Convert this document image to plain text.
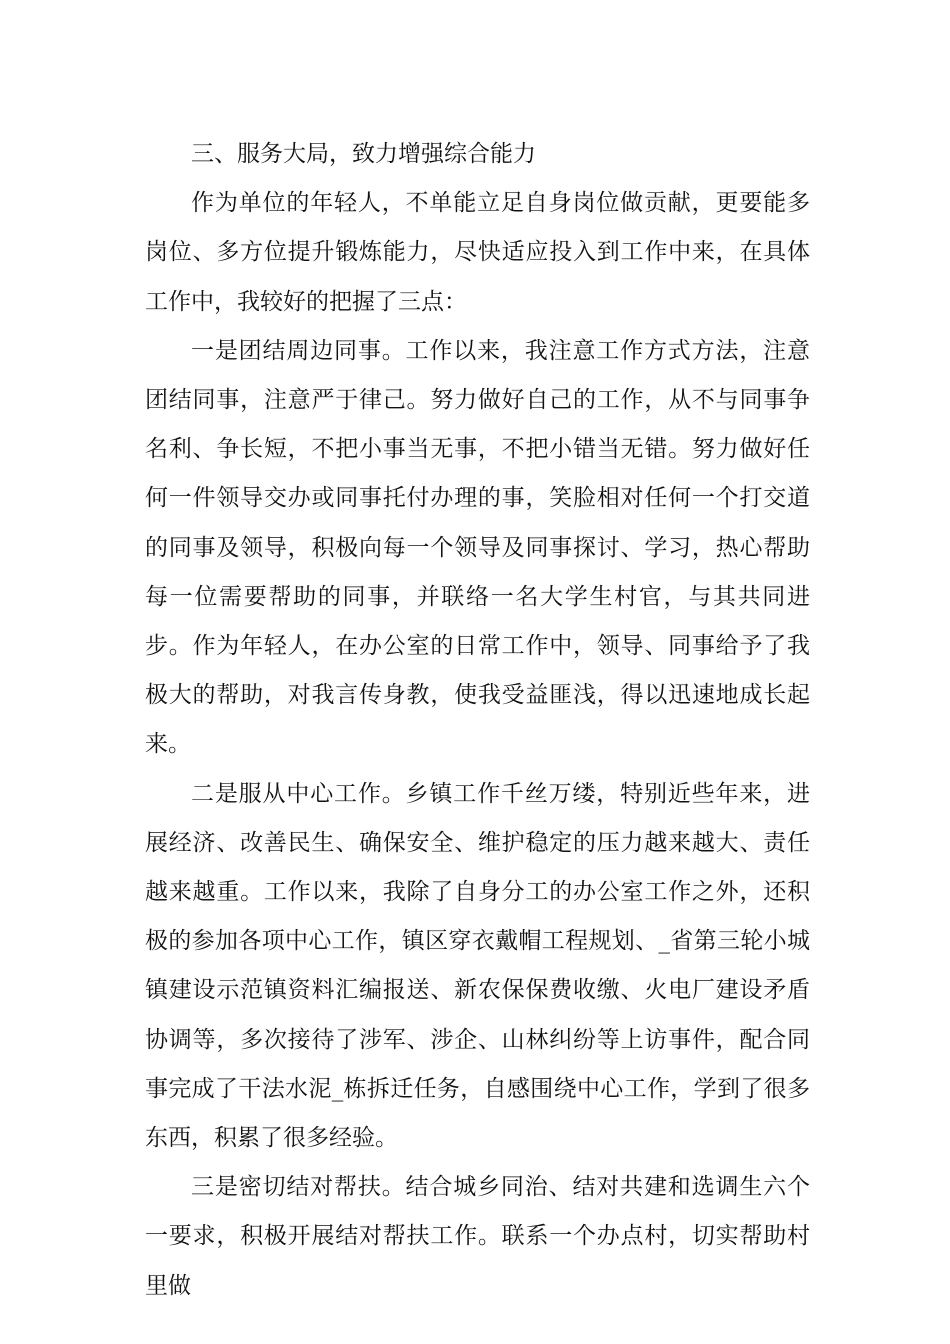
三、服务大局，致力增强综合能力

作为单位的年轻人，不单能立足自身岗位做贡献，更要能多岗位、多方位提升锻炼能力，尽快适应投入到工作中来，在具体工作中，我较好的把握了三点：

一是团结周边同事。工作以来，我注意工作方式方法，注意团结同事，注意严于律己。努力做好自己的工作，从不与同事争名利、争长短，不把小事当无事，不把小错当无错。努力做好任何一件领导交办或同事托付办理的事，笑脸相对任何一个打交道的同事及领导，积极向每一个领导及同事探讨、学习，热心帮助每一位需要帮助的同事，并联络一名大学生村官，与其共同进步。作为年轻人，在办公室的日常工作中，领导、同事给予了我极大的帮助，对我言传身教，使我受益匪浅，得以迅速地成长起来。

二是服从中心工作。乡镇工作千丝万缕，特别近些年来，进展经济、改善民生、确保安全、维护稳定的压力越来越大、责任越来越重。工作以来，我除了自身分工的办公室工作之外，还积极的参加各项中心工作，镇区穿衣戴帽工程规划、_省第三轮小城镇建设示范镇资料汇编报送、新农保保费收缴、火电厂建设矛盾协调等，多次接待了涉军、涉企、山林纠纷等上访事件，配合同事完成了干法水泥_栋拆迁任务，自感围绕中心工作，学到了很多东西，积累了很多经验。

三是密切结对帮扶。结合城乡同治、结对共建和选调生六个一要求，积极开展结对帮扶工作。联系一个办点村，切实帮助村里做
